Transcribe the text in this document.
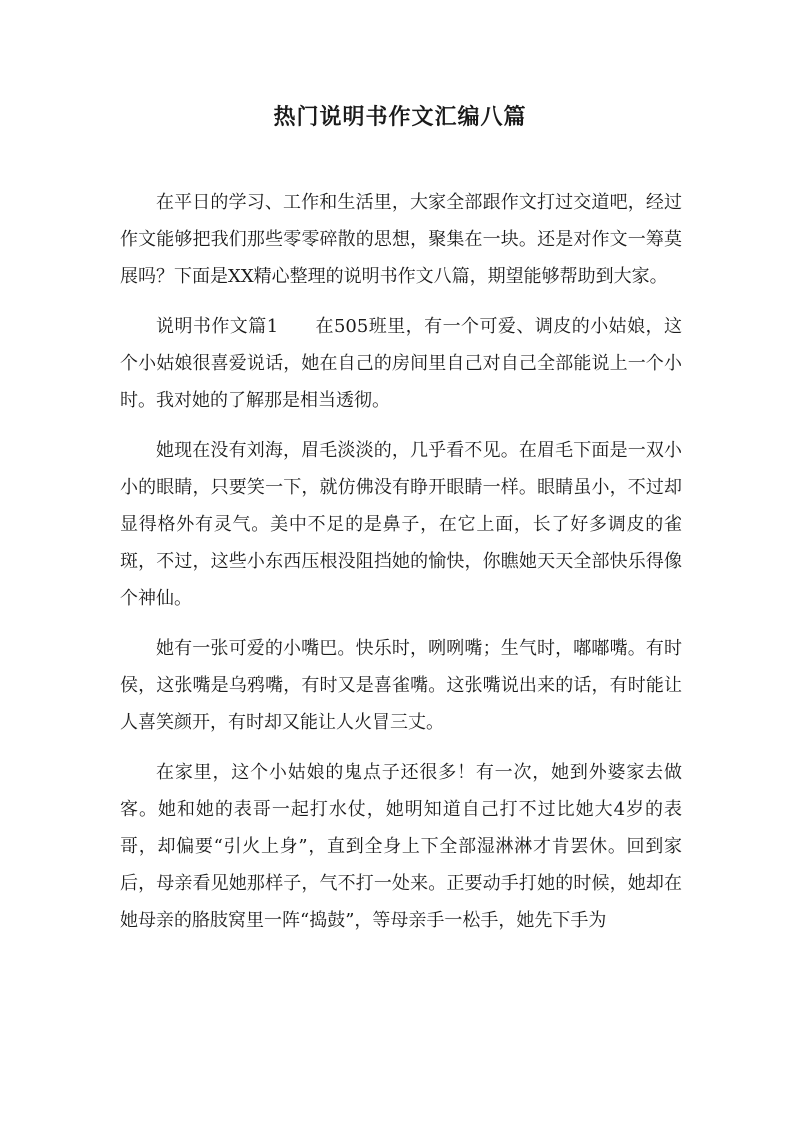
热门说明书作文汇编八篇

在平日的学习、工作和生活里，大家全部跟作文打过交道吧，经过作文能够把我们那些零零碎散的思想，聚集在一块。还是对作文一筹莫展吗？下面是XX精心整理的说明书作文八篇，期望能够帮助到大家。

说明书作文篇1　　在505班里，有一个可爱、调皮的小姑娘，这个小姑娘很喜爱说话，她在自己的房间里自己对自己全部能说上一个小时。我对她的了解那是相当透彻。

她现在没有刘海，眉毛淡淡的，几乎看不见。在眉毛下面是一双小小的眼睛，只要笑一下，就仿佛没有睁开眼睛一样。眼睛虽小，不过却显得格外有灵气。美中不足的是鼻子，在它上面，长了好多调皮的雀斑，不过，这些小东西压根没阻挡她的愉快，你瞧她天天全部快乐得像个神仙。

她有一张可爱的小嘴巴。快乐时，咧咧嘴；生气时，嘟嘟嘴。有时侯，这张嘴是乌鸦嘴，有时又是喜雀嘴。这张嘴说出来的话，有时能让人喜笑颜开，有时却又能让人火冒三丈。

在家里，这个小姑娘的鬼点子还很多！有一次，她到外婆家去做客。她和她的表哥一起打水仗，她明知道自己打不过比她大4岁的表哥，却偏要“引火上身”，直到全身上下全部湿淋淋才肯罢休。回到家后，母亲看见她那样子，气不打一处来。正要动手打她的时候，她却在她母亲的胳肢窝里一阵“捣鼓”，等母亲手一松手，她先下手为
